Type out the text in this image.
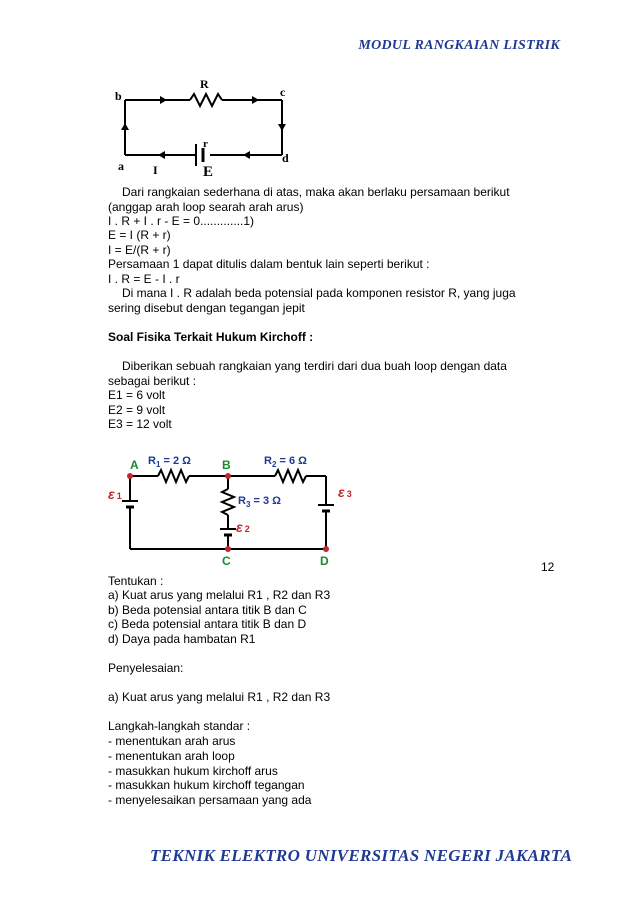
MODUL RANGKAIAN LISTRIK
b	c
a
d
R
r
E
I
Dari rangkaian sederhana di atas, maka akan berlaku persamaan berikut
(anggap arah loop searah arah arus)
I . R + I . r - E = 0.............1)
E = I (R + r)
I = E/(R + r)
Persamaan 1 dapat ditulis dalam bentuk lain seperti berikut :
I . R = E - I . r
Di mana I . R adalah beda potensial pada komponen resistor R, yang juga
sering disebut dengan tegangan jepit
Soal Fisika Terkait Hukum Kirchoff :
Diberikan sebuah rangkaian yang terdiri dari dua buah loop dengan data
sebagai berikut :
E1 = 6 volt
E2 = 9 volt
E3 = 12 volt
A	B
C	D
$R_1 = 2$ Ω	$R_2 = 6$ Ω
$R_3 = 3$ Ω
ε 1
ε 2
ε 3
12
Tentukan :
a) Kuat arus yang melalui R1 , R2 dan R3
b) Beda potensial antara titik B dan C
c) Beda potensial antara titik B dan D
d) Daya pada hambatan R1
Penyelesaian:
a) Kuat arus yang melalui R1 , R2 dan R3
Langkah-langkah standar :
- menentukan arah arus
- menentukan arah loop
- masukkan hukum kirchoff arus
- masukkan hukum kirchoff tegangan
- menyelesaikan persamaan yang ada
TEKNIK ELEKTRO UNIVERSITAS NEGERI JAKARTA
